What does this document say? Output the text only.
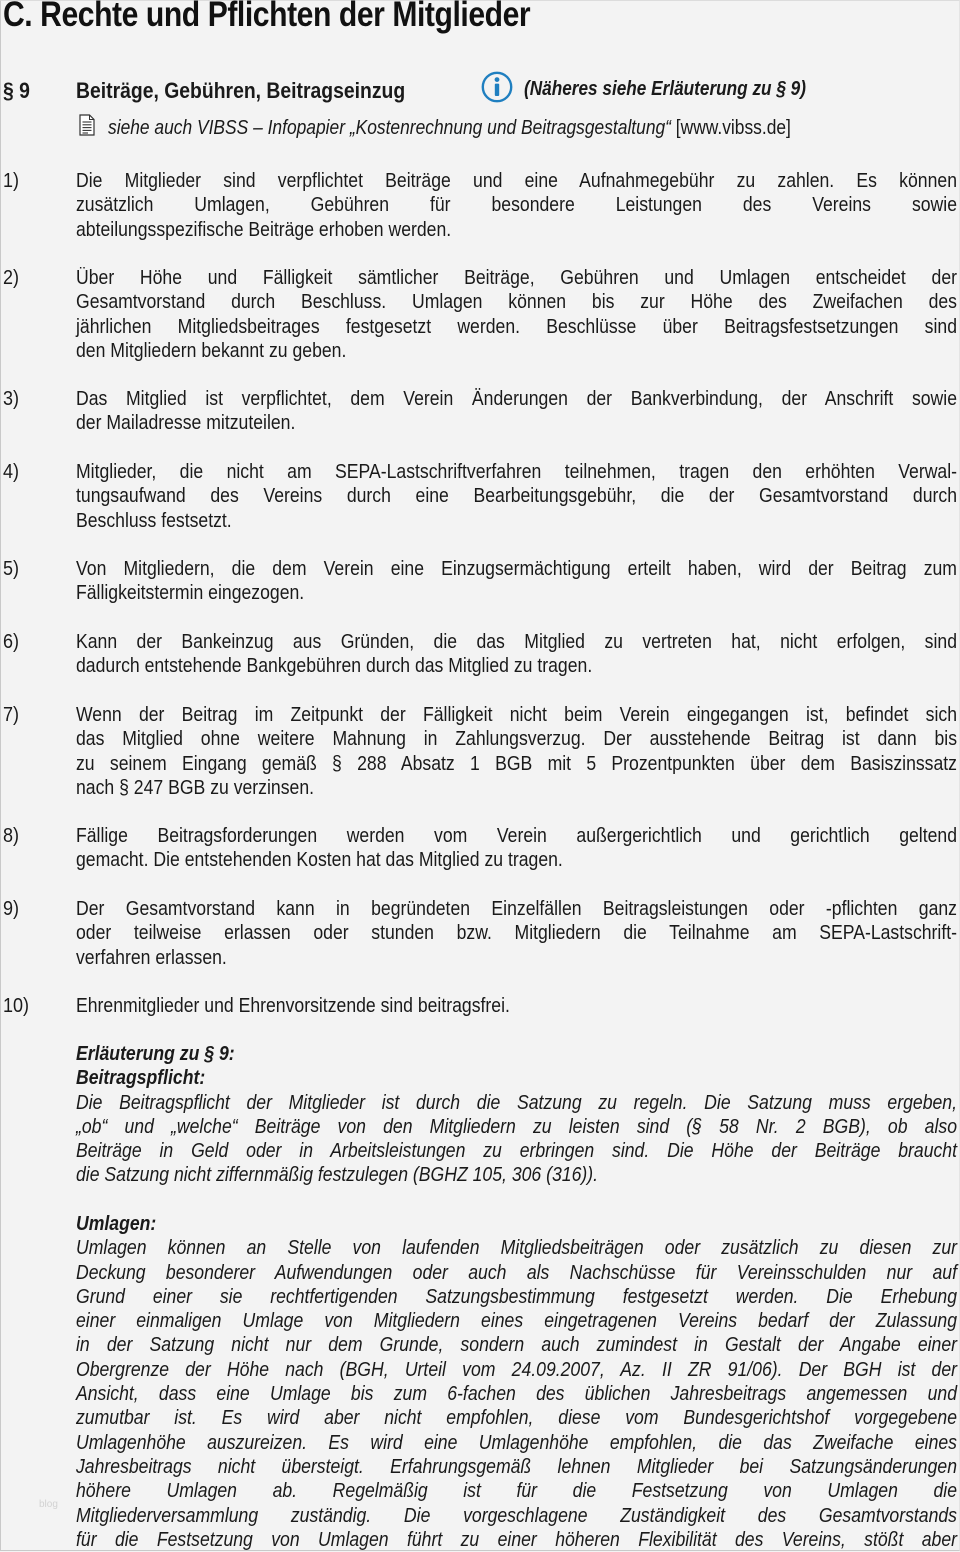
C. Rechte und Pflichten der Mitglieder
§ 9 Beiträge, Gebühren, Beitragseinzug	(Näheres siehe Erläuterung zu § 9)
siehe auch VIBSS – Infopapier „Kostenrechnung und Beitragsgestaltung“ [www.vibss.de]
1)	Die Mitglieder sind verpflichtet Beiträge und eine Aufnahmegebühr zu zahlen. Es können
zusätzlich Umlagen, Gebühren für besondere Leistungen des Vereins sowie
abteilungsspezifische Beiträge erhoben werden.
2)	Über Höhe und Fälligkeit sämtlicher Beiträge, Gebühren und Umlagen entscheidet der
Gesamtvorstand durch Beschluss. Umlagen können bis zur Höhe des Zweifachen des
jährlichen Mitgliedsbeitrages festgesetzt werden. Beschlüsse über Beitragsfestsetzungen sind
den Mitgliedern bekannt zu geben.
3)	Das Mitglied ist verpflichtet, dem Verein Änderungen der Bankverbindung, der Anschrift sowie
der Mailadresse mitzuteilen.
4)	Mitglieder, die nicht am SEPA-Lastschriftverfahren teilnehmen, tragen den erhöhten Verwal-
tungsaufwand des Vereins durch eine Bearbeitungsgebühr, die der Gesamtvorstand durch
Beschluss festsetzt.
5)	Von Mitgliedern, die dem Verein eine Einzugsermächtigung erteilt haben, wird der Beitrag zum
Fälligkeitstermin eingezogen.
6)	Kann der Bankeinzug aus Gründen, die das Mitglied zu vertreten hat, nicht erfolgen, sind
dadurch entstehende Bankgebühren durch das Mitglied zu tragen.
7)	Wenn der Beitrag im Zeitpunkt der Fälligkeit nicht beim Verein eingegangen ist, befindet sich
das Mitglied ohne weitere Mahnung in Zahlungsverzug. Der ausstehende Beitrag ist dann bis
zu seinem Eingang gemäß § 288 Absatz 1 BGB mit 5 Prozentpunkten über dem Basiszinssatz
nach § 247 BGB zu verzinsen.
8)	Fällige Beitragsforderungen werden vom Verein außergerichtlich und gerichtlich geltend
gemacht. Die entstehenden Kosten hat das Mitglied zu tragen.
9)	Der Gesamtvorstand kann in begründeten Einzelfällen Beitragsleistungen oder -pflichten ganz
oder teilweise erlassen oder stunden bzw. Mitgliedern die Teilnahme am SEPA-Lastschrift-
verfahren erlassen.
10) Ehrenmitglieder und Ehrenvorsitzende sind beitragsfrei.
Erläuterung zu § 9:
Beitragspflicht:
Die Beitragspflicht der Mitglieder ist durch die Satzung zu regeln. Die Satzung muss ergeben,
„ob“ und „welche“ Beiträge von den Mitgliedern zu leisten sind (§ 58 Nr. 2 BGB), ob also
Beiträge in Geld oder in Arbeitsleistungen zu erbringen sind. Die Höhe der Beiträge braucht
die Satzung nicht ziffernmäßig festzulegen (BGHZ 105, 306 (316)).
Umlagen:
Umlagen können an Stelle von laufenden Mitgliedsbeiträgen oder zusätzlich zu diesen zur
Deckung besonderer Aufwendungen oder auch als Nachschüsse für Vereinsschulden nur auf
Grund einer sie rechtfertigenden Satzungsbestimmung festgesetzt werden. Die Erhebung
einer einmaligen Umlage von Mitgliedern eines eingetragenen Vereins bedarf der Zulassung
in der Satzung nicht nur dem Grunde, sondern auch zumindest in Gestalt der Angabe einer
Obergrenze der Höhe nach (BGH, Urteil vom 24.09.2007, Az. II ZR 91/06). Der BGH ist der
Ansicht, dass eine Umlage bis zum 6-fachen des üblichen Jahresbeitrags angemessen und
zumutbar ist. Es wird aber nicht empfohlen, diese vom Bundesgerichtshof vorgegebene
Umlagenhöhe auszureizen. Es wird eine Umlagenhöhe empfohlen, die das Zweifache eines
Jahresbeitrags nicht übersteigt. Erfahrungsgemäß lehnen Mitglieder bei Satzungsänderungen
höhere Umlagen ab. Regelmäßig ist für die Festsetzung von Umlagen die
Mitgliederversammlung zuständig. Die vorgeschlagene Zuständigkeit des Gesamtvorstands
für die Festsetzung von Umlagen führt zu einer höheren Flexibilität des Vereins, stößt aber
blog
